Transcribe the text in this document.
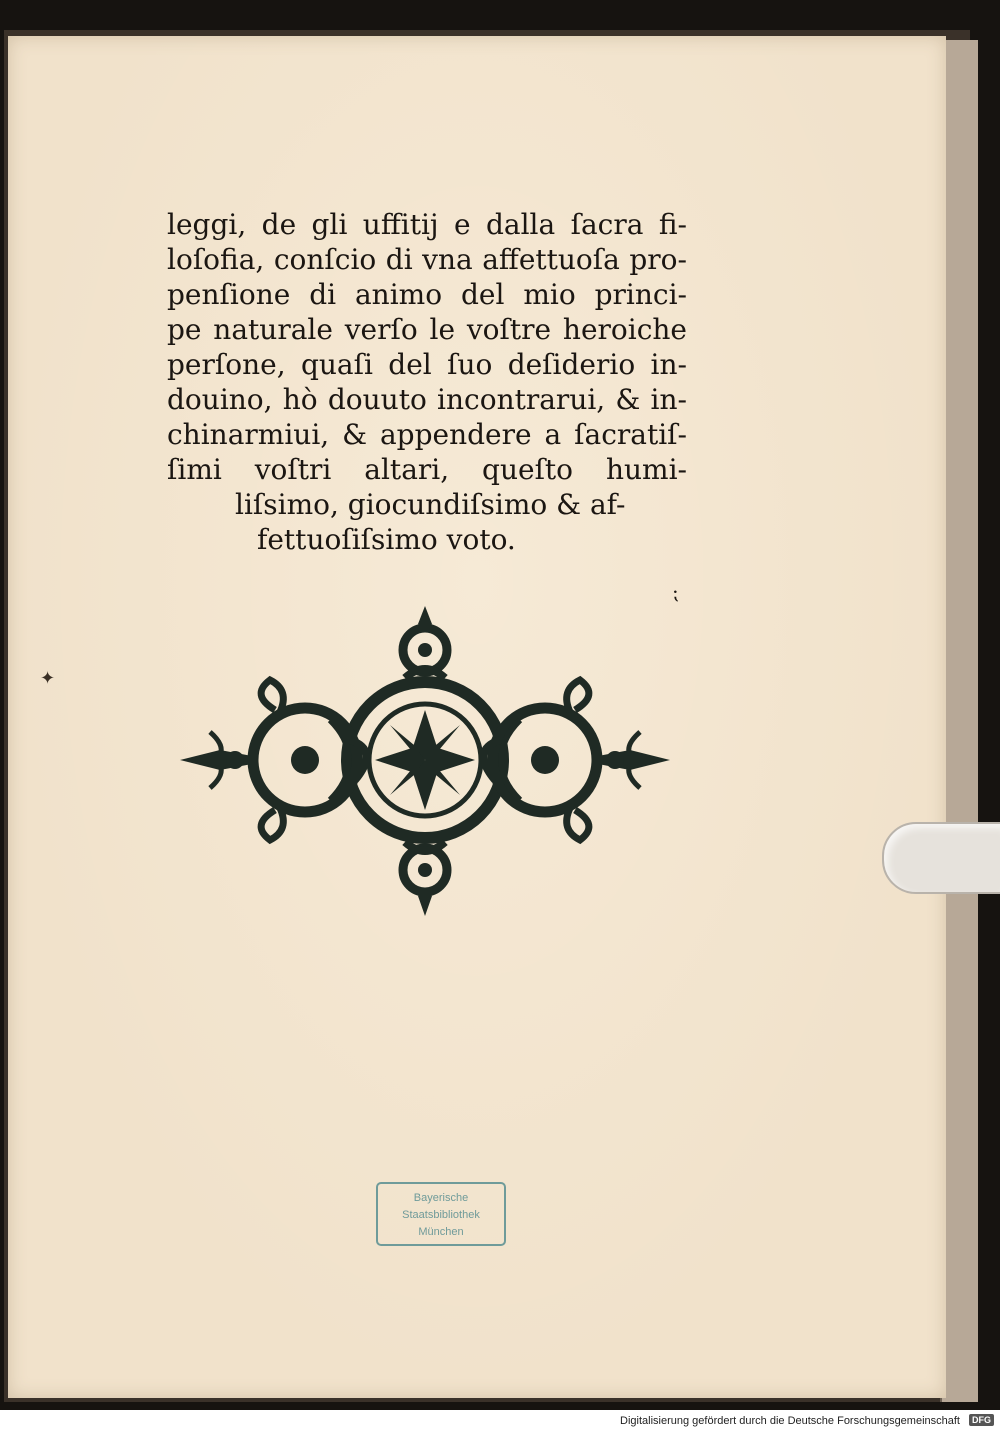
leggi, de gli uffitij e dalla ſacra fi-
loſofia, conſcio di vna affettuoſa pro-
penſione di animo del mio princi-
pe naturale verſo le voſtre heroiche
perſone, quaſi del ſuo deſiderio in-
douino, hò douuto incontrarui, & in-
chinarmiui, & appendere a ſacratiſ-
ſimi voſtri altari, queſto humi-
liſsimo, giocundiſsimo & af-
fettuoſiſsimo voto.
⁏
✦
Bayerische
Staatsbibliothek
München
Digitalisierung gefördert durch die Deutsche Forschungsgemeinschaft	DFG
